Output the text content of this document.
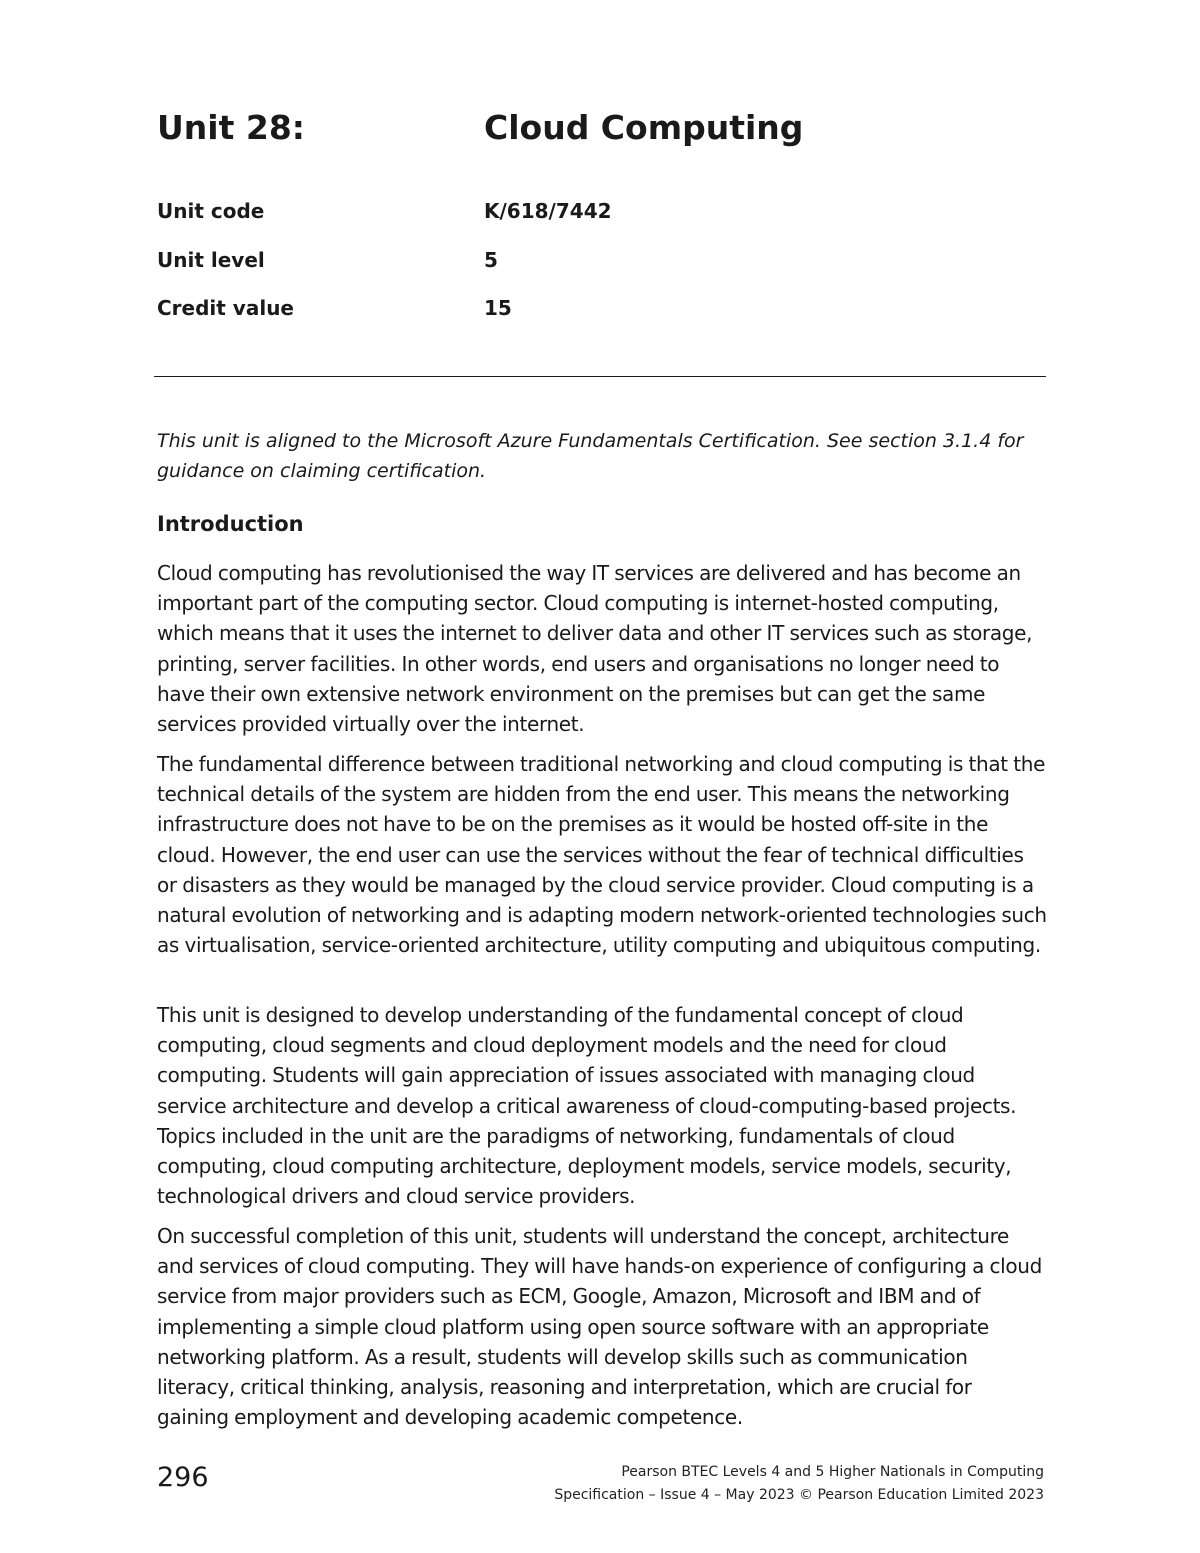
Unit 28:	Cloud Computing
Unit code	K/618/7442
Unit level	5
Credit value	15
This unit is aligned to the Microsoft Azure Fundamentals Certification. See section 3.1.4 for guidance on claiming certification.
Introduction
Cloud computing has revolutionised the way IT services are delivered and has become an important part of the computing sector. Cloud computing is internet-hosted computing, which means that it uses the internet to deliver data and other IT services such as storage, printing, server facilities. In other words, end users and organisations no longer need to have their own extensive network environment on the premises but can get the same services provided virtually over the internet.
The fundamental difference between traditional networking and cloud computing is that the technical details of the system are hidden from the end user. This means the networking infrastructure does not have to be on the premises as it would be hosted off-site in the cloud. However, the end user can use the services without the fear of technical difficulties or disasters as they would be managed by the cloud service provider. Cloud computing is a natural evolution of networking and is adapting modern network-oriented technologies such as virtualisation, service-oriented architecture, utility computing and ubiquitous computing.
This unit is designed to develop understanding of the fundamental concept of cloud computing, cloud segments and cloud deployment models and the need for cloud computing. Students will gain appreciation of issues associated with managing cloud service architecture and develop a critical awareness of cloud-computing-based projects. Topics included in the unit are the paradigms of networking, fundamentals of cloud computing, cloud computing architecture, deployment models, service models, security, technological drivers and cloud service providers.
On successful completion of this unit, students will understand the concept, architecture and services of cloud computing. They will have hands-on experience of configuring a cloud service from major providers such as ECM, Google, Amazon, Microsoft and IBM and of implementing a simple cloud platform using open source software with an appropriate networking platform. As a result, students will develop skills such as communication literacy, critical thinking, analysis, reasoning and interpretation, which are crucial for gaining employment and developing academic competence.
296	Pearson BTEC Levels 4 and 5 Higher Nationals in Computing
Specification – Issue 4 – May 2023 © Pearson Education Limited 2023
